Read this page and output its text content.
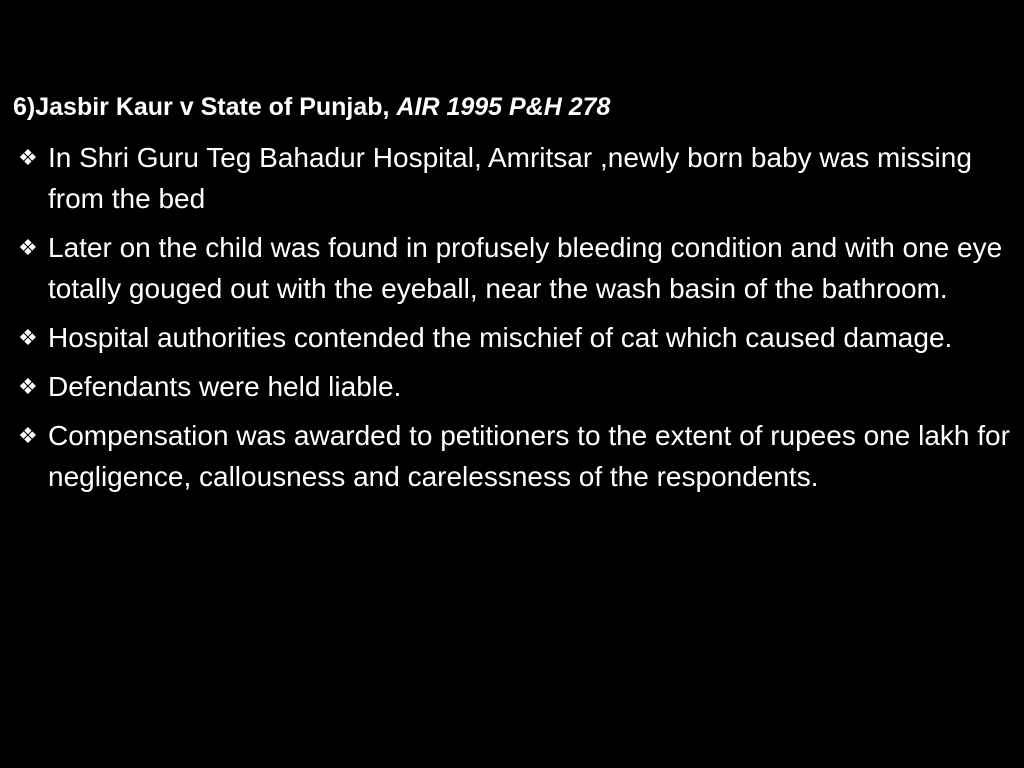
6)Jasbir Kaur v State of Punjab, AIR 1995 P&H 278
❖ In Shri Guru Teg Bahadur Hospital, Amritsar ,newly born baby was missing from the bed
❖ Later on the child was found in profusely bleeding condition and with one eye totally gouged out with the eyeball, near the wash basin of the bathroom.
❖ Hospital authorities contended the mischief of cat which caused damage.
❖ Defendants were held liable.
❖ Compensation was awarded to petitioners to the extent of rupees one lakh for negligence, callousness and carelessness of the respondents.
